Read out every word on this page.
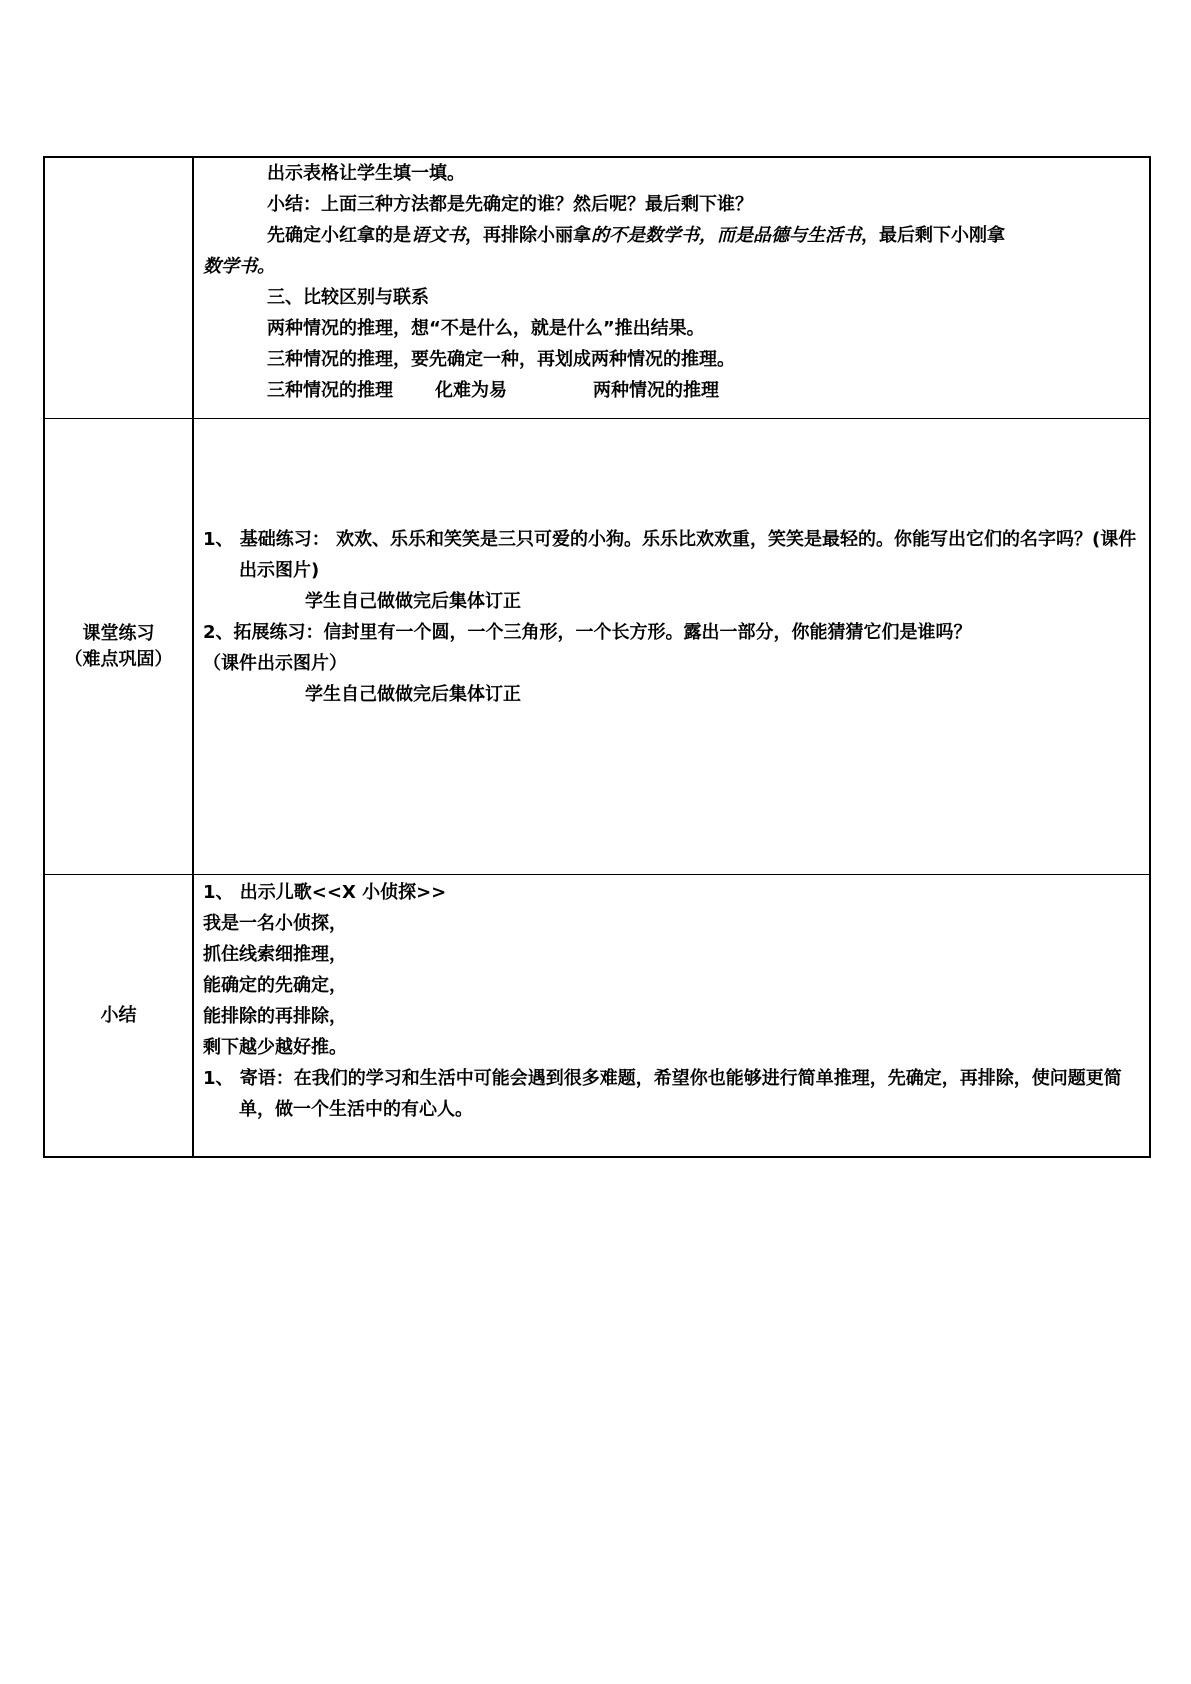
出示表格让学生填一填。
小结：上面三种方法都是先确定的谁？然后呢？最后剩下谁？
先确定小红拿的是语文书，再排除小丽拿的不是数学书，而是品德与生活书，最后剩下小刚拿
数学书。
三、比较区别与联系
两种情况的推理，想“不是什么，就是什么”推出结果。
三种情况的推理，要先确定一种，再划成两种情况的推理。
三种情况的推理 化难为易	两种情况的推理
课堂练习
（难点巩固）
1、 基础练习： 欢欢、乐乐和笑笑是三只可爱的小狗。乐乐比欢欢重，笑笑是最轻的。你能写出它们的名字吗？(课件出示图片)
学生自己做做完后集体订正
2、拓展练习：信封里有一个圆，一个三角形，一个长方形。露出一部分，你能猜猜它们是谁吗？
（课件出示图片）
学生自己做做完后集体订正
小结
1、 出示儿歌<<X 小侦探>>
我是一名小侦探，
抓住线索细推理，
能确定的先确定，
能排除的再排除，
剩下越少越好推。
1、 寄语：在我们的学习和生活中可能会遇到很多难题，希望你也能够进行简单推理，先确定，再排除，使问题更简单，做一个生活中的有心人。
